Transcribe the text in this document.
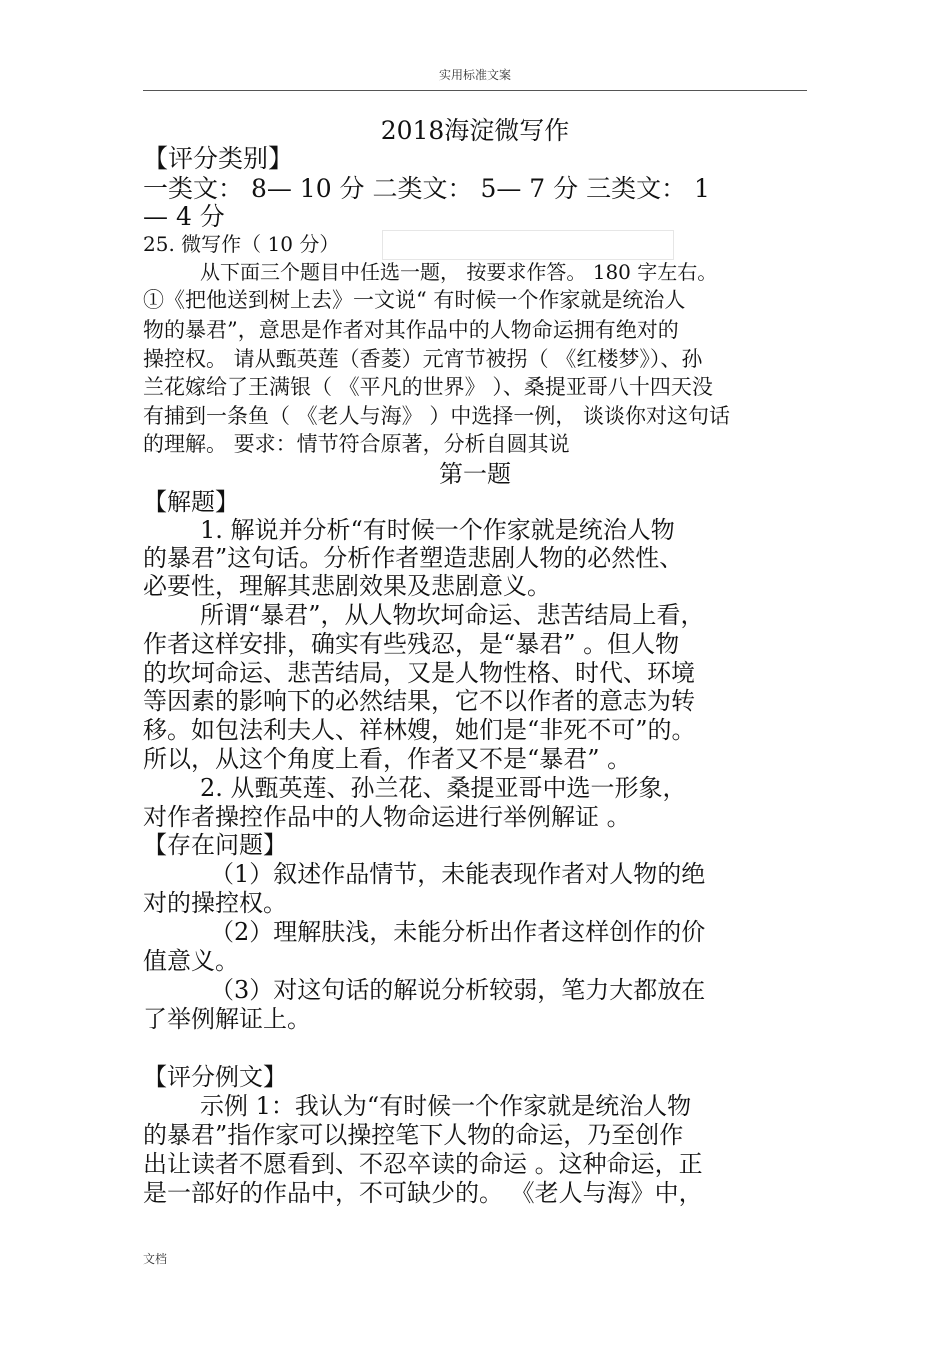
实用标准文案
2018海淀微写作
【评分类别】
一类文： 8— 10 分 二类文： 5— 7 分 三类文： 1
— 4 分
25. 微写作（ 10 分）
从下面三个题目中任选一题， 按要求作答。 180 字左右。
①《把他送到树上去》一文说“ 有时候一个作家就是统治人
物的暴君”，意思是作者对其作品中的人物命运拥有绝对的
操控权。 请从甄英莲（香菱）元宵节被拐（ 《红楼梦》）、孙
兰花嫁给了王满银（ 《平凡的世界》 ）、桑提亚哥八十四天没
有捕到一条鱼（ 《老人与海》 ）中选择一例， 谈谈你对这句话
的理解。 要求：情节符合原著，分析自圆其说
第一题
【解题】
1. 解说并分析“有时候一个作家就是统治人物
的暴君”这句话。分析作者塑造悲剧人物的必然性、
必要性，理解其悲剧效果及悲剧意义。
所谓“暴君”，从人物坎坷命运、悲苦结局上看，
作者这样安排，确实有些残忍，是“暴君” 。但人物
的坎坷命运、悲苦结局，又是人物性格、时代、环境
等因素的影响下的必然结果，它不以作者的意志为转
移。如包法利夫人、祥林嫂，她们是“非死不可”的。
所以，从这个角度上看，作者又不是“暴君” 。
2. 从甄英莲、孙兰花、桑提亚哥中选一形象，
对作者操控作品中的人物命运进行举例解证 。
【存在问题】
（1）叙述作品情节，未能表现作者对人物的绝
对的操控权。
（2）理解肤浅，未能分析出作者这样创作的价
值意义。
（3）对这句话的解说分析较弱，笔力大都放在
了举例解证上。
【评分例文】
示例 1：我认为“有时候一个作家就是统治人物
的暴君”指作家可以操控笔下人物的命运，乃至创作
出让读者不愿看到、不忍卒读的命运 。这种命运，正
是一部好的作品中，不可缺少的。 《老人与海》中，
文档
